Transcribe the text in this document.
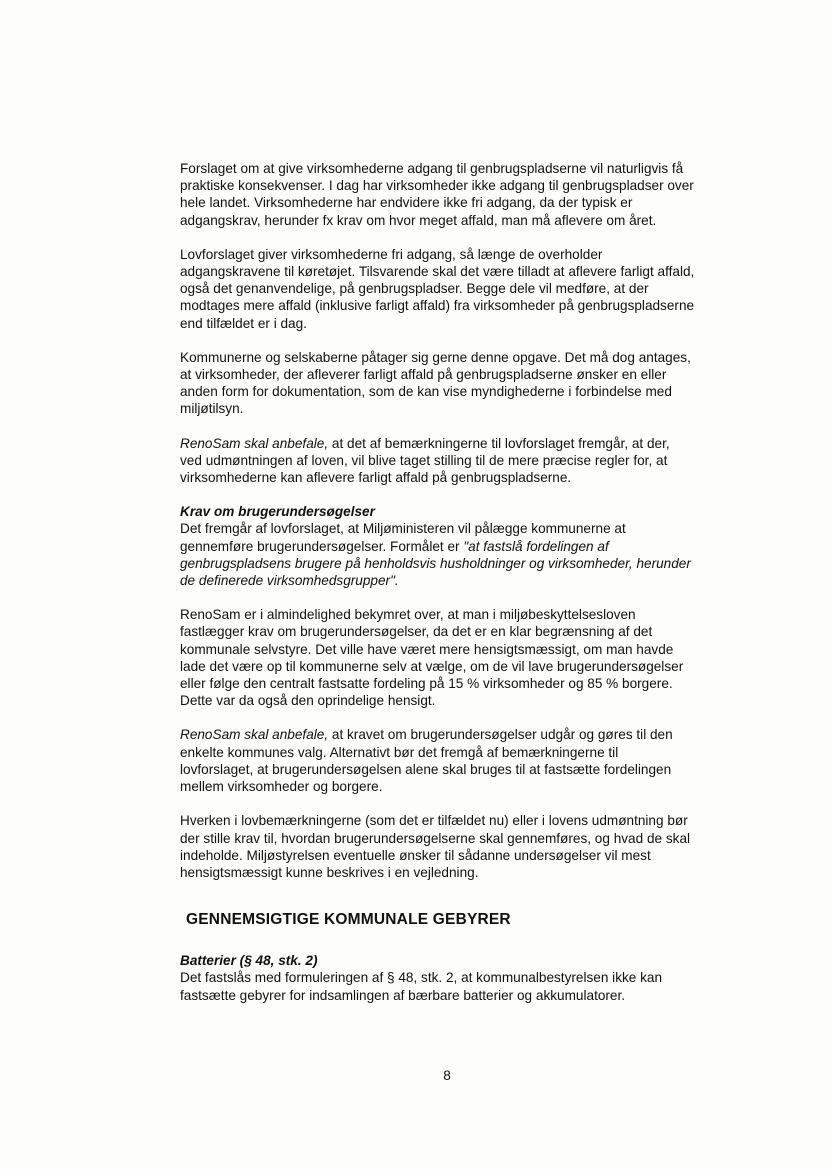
Forslaget om at give virksomhederne adgang til genbrugspladserne vil naturligvis få praktiske konsekvenser. I dag har virksomheder ikke adgang til genbrugspladser over hele landet. Virksomhederne har endvidere ikke fri adgang, da der typisk er adgangskrav, herunder fx krav om hvor meget affald, man må aflevere om året.

Lovforslaget giver virksomhederne fri adgang, så længe de overholder adgangskravene til køretøjet. Tilsvarende skal det være tilladt at aflevere farligt affald, også det genanvendelige, på genbrugspladser. Begge dele vil medføre, at der modtages mere affald (inklusive farligt affald) fra virksomheder på genbrugspladserne end tilfældet er i dag.

Kommunerne og selskaberne påtager sig gerne denne opgave. Det må dog antages, at virksomheder, der afleverer farligt affald på genbrugspladserne ønsker en eller anden form for dokumentation, som de kan vise myndighederne i forbindelse med miljøtilsyn.

RenoSam skal anbefale, at det af bemærkningerne til lovforslaget fremgår, at der, ved udmøntningen af loven, vil blive taget stilling til de mere præcise regler for, at virksomhederne kan aflevere farligt affald på genbrugspladserne.

Krav om brugerundersøgelser

Det fremgår af lovforslaget, at Miljøministeren vil pålægge kommunerne at gennemføre brugerundersøgelser. Formålet er "at fastslå fordelingen af genbrugspladsens brugere på henholdsvis husholdninger og virksomheder, herunder de definerede virksomhedsgrupper".

RenoSam er i almindelighed bekymret over, at man i miljøbeskyttelsesloven fastlægger krav om brugerundersøgelser, da det er en klar begrænsning af det kommunale selvstyre. Det ville have været mere hensigtsmæssigt, om man havde lade det være op til kommunerne selv at vælge, om de vil lave brugerundersøgelser eller følge den centralt fastsatte fordeling på 15 % virksomheder og 85 % borgere. Dette var da også den oprindelige hensigt.

RenoSam skal anbefale, at kravet om brugerundersøgelser udgår og gøres til den enkelte kommunes valg. Alternativt bør det fremgå af bemærkningerne til lovforslaget, at brugerundersøgelsen alene skal bruges til at fastsætte fordelingen mellem virksomheder og borgere.

Hverken i lovbemærkningerne (som det er tilfældet nu) eller i lovens udmøntning bør der stille krav til, hvordan brugerundersøgelserne skal gennemføres, og hvad de skal indeholde. Miljøstyrelsen eventuelle ønsker til sådanne undersøgelser vil mest hensigtsmæssigt kunne beskrives i en vejledning.

GENNEMSIGTIGE KOMMUNALE GEBYRER
Batterier (§ 48, stk. 2)

Det fastslås med formuleringen af § 48, stk. 2, at kommunalbestyrelsen ikke kan fastsætte gebyrer for indsamlingen af bærbare batterier og akkumulatorer.

8
